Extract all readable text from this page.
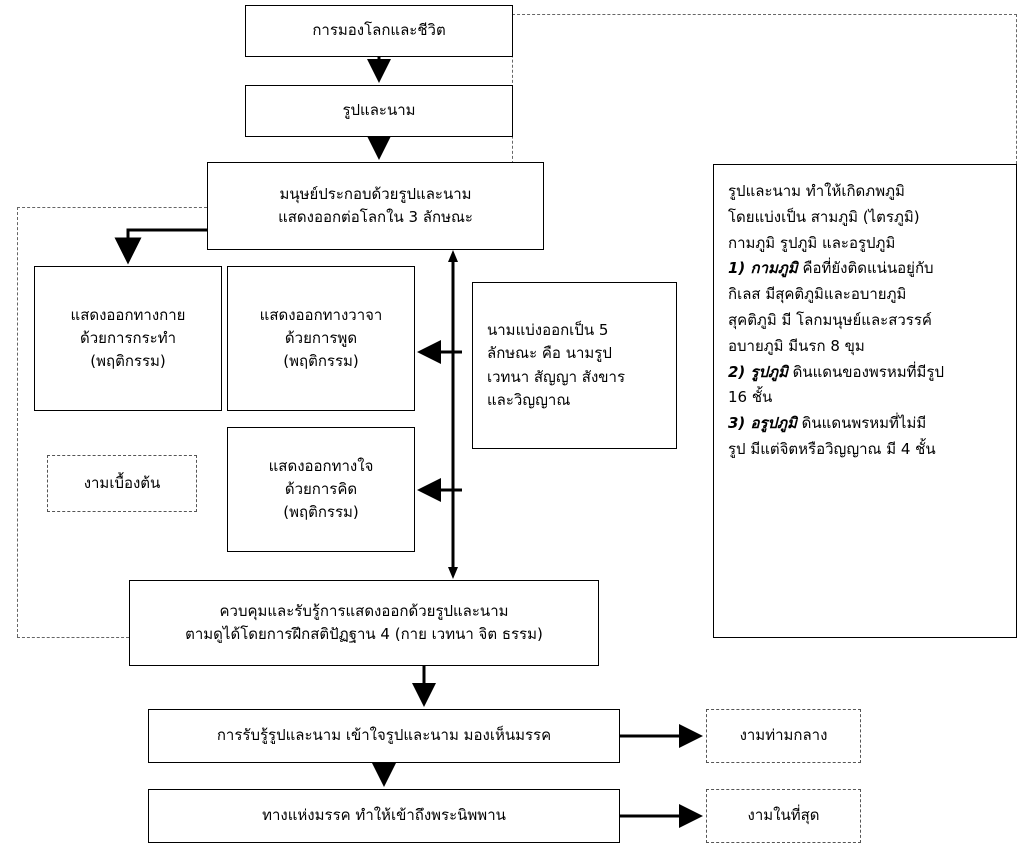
การมองโลกและชีวิต
รูปและนาม
มนุษย์ประกอบด้วยรูปและนาม
แสดงออกต่อโลกใน 3 ลักษณะ
แสดงออกทางกาย
ด้วยการกระทำ
(พฤติกรรม)
แสดงออกทางวาจา
ด้วยการพูด
(พฤติกรรม)
แสดงออกทางใจ
ด้วยการคิด
(พฤติกรรม)
นามแบ่งออกเป็น 5
ลักษณะ คือ นามรูป
เวทนา สัญญา สังขาร
และวิญญาณ
งามเบื้องต้น
ควบคุมและรับรู้การแสดงออกด้วยรูปและนาม
ตามดูได้โดยการฝึกสติปัฏฐาน 4 (กาย เวทนา จิต ธรรม)
การรับรู้รูปและนาม เข้าใจรูปและนาม มองเห็นมรรค
ทางแห่งมรรค ทำให้เข้าถึงพระนิพพาน
งามท่ามกลาง
งามในที่สุด
รูปและนาม ทำให้เกิดภพภูมิ
โดยแบ่งเป็น สามภูมิ (ไตรภูมิ)
กามภูมิ รูปภูมิ และอรูปภูมิ
1) กามภูมิ คือที่ยังติดแน่นอยู่กับ
กิเลส มีสุคติภูมิและอบายภูมิ
สุคติภูมิ มี โลกมนุษย์และสวรรค์
อบายภูมิ มีนรก 8 ขุม
2) รูปภูมิ ดินแดนของพรหมที่มีรูป
16 ชั้น
3) อรูปภูมิ ดินแดนพรหมที่ไม่มี
รูป มีแต่จิตหรือวิญญาณ มี 4 ชั้น
